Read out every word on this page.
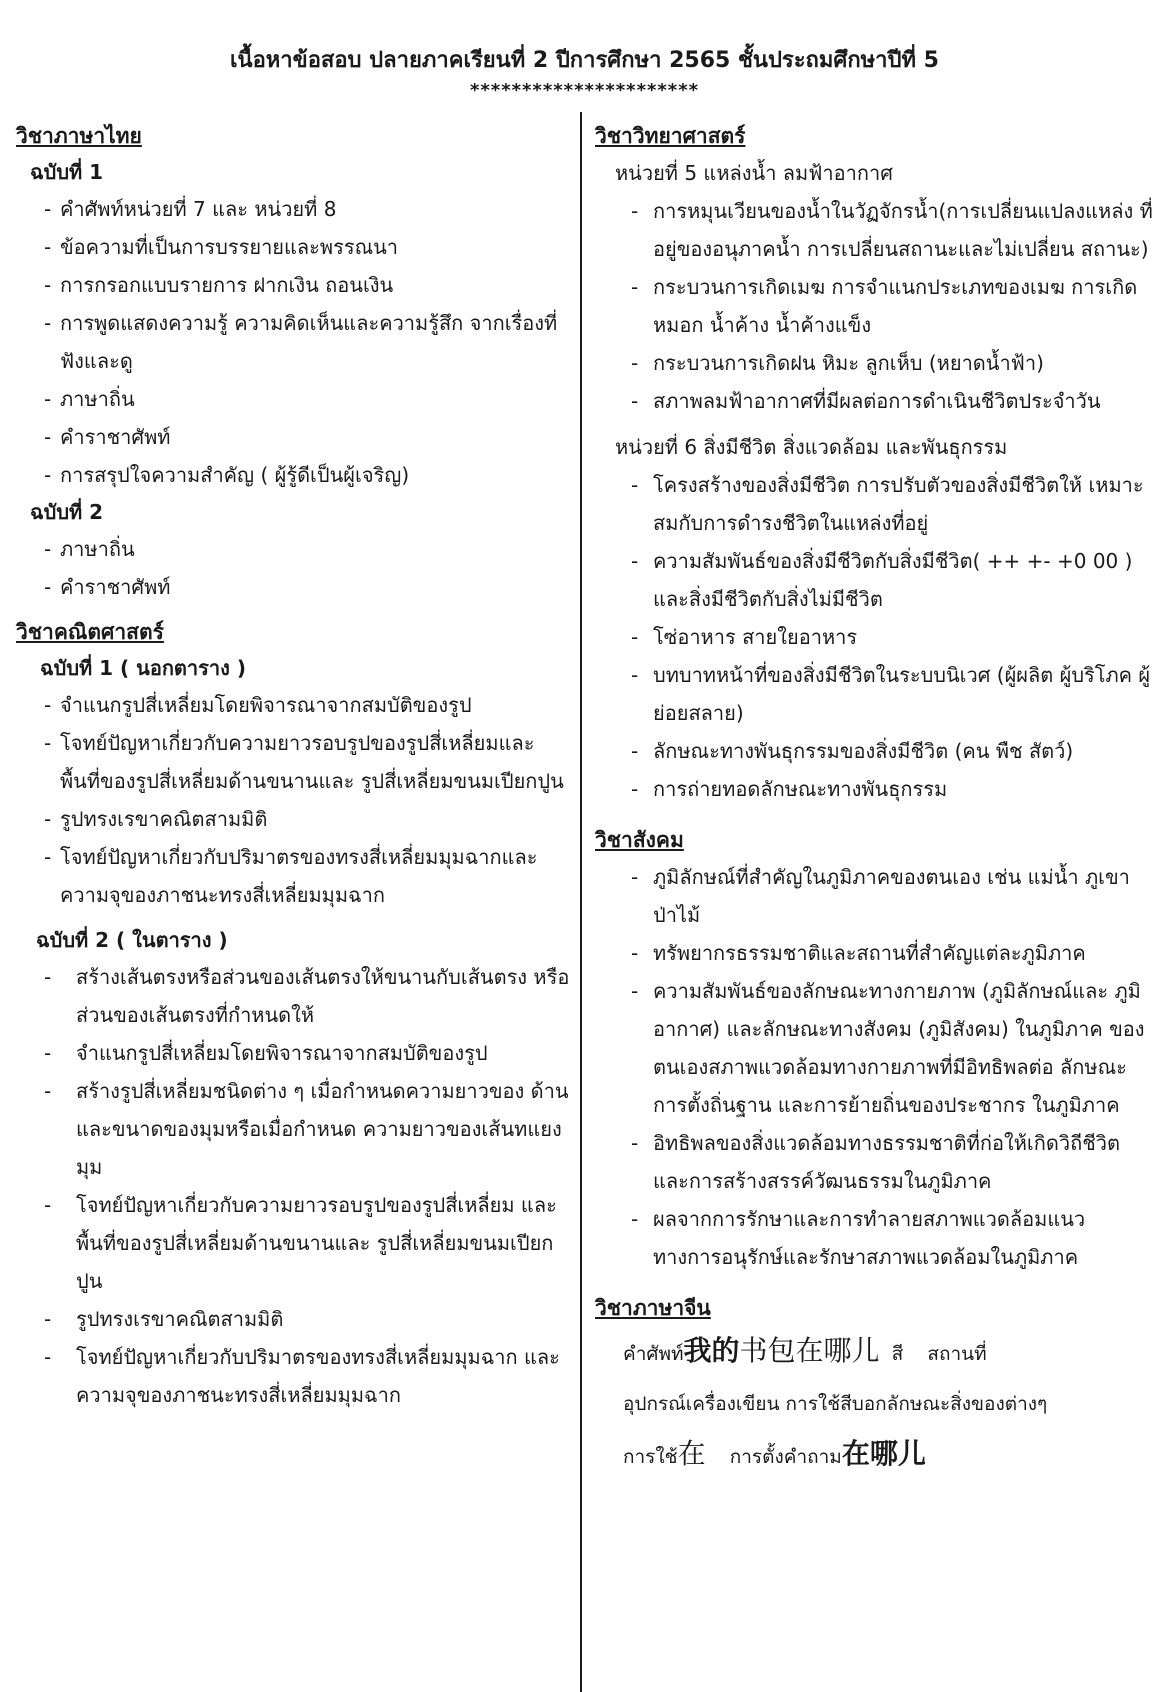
เนื้อหาข้อสอบ ปลายภาคเรียนที่ 2 ปีการศึกษา 2565 ชั้นประถมศึกษาปีที่ 5
**********************
วิชาภาษาไทย
ฉบับที่ 1
- คำศัพท์หน่วยที่ 7 และ หน่วยที่ 8
- ข้อความที่เป็นการบรรยายและพรรณนา
- การกรอกแบบรายการ ฝากเงิน ถอนเงิน
- การพูดแสดงความรู้ ความคิดเห็นและความรู้สึก จากเรื่องที่ฟังและดู
- ภาษาถิ่น
- คำราชาศัพท์
- การสรุปใจความสำคัญ ( ผู้รู้ดีเป็นผู้เจริญ)
ฉบับที่ 2
- ภาษาถิ่น
- คำราชาศัพท์
วิชาคณิตศาสตร์
ฉบับที่ 1 ( นอกตาราง )
- จำแนกรูปสี่เหลี่ยมโดยพิจารณาจากสมบัติของรูป
- โจทย์ปัญหาเกี่ยวกับความยาวรอบรูปของรูปสี่เหลี่ยมและ พื้นที่ของรูปสี่เหลี่ยมด้านขนานและ รูปสี่เหลี่ยมขนมเปียกปูน
- รูปทรงเรขาคณิตสามมิติ
- โจทย์ปัญหาเกี่ยวกับปริมาตรของทรงสี่เหลี่ยมมุมฉากและ ความจุของภาชนะทรงสี่เหลี่ยมมุมฉาก
ฉบับที่ 2 ( ในตาราง )
- สร้างเส้นตรงหรือส่วนของเส้นตรงให้ขนานกับเส้นตรง หรือส่วนของเส้นตรงที่กำหนดให้
- จำแนกรูปสี่เหลี่ยมโดยพิจารณาจากสมบัติของรูป
- สร้างรูปสี่เหลี่ยมชนิดต่าง ๆ เมื่อกำหนดความยาวของ ด้านและขนาดของมุมหรือเมื่อกำหนด ความยาวของเส้นทแยงมุม
- โจทย์ปัญหาเกี่ยวกับความยาวรอบรูปของรูปสี่เหลี่ยม และพื้นที่ของรูปสี่เหลี่ยมด้านขนานและ รูปสี่เหลี่ยมขนมเปียกปูน
- รูปทรงเรขาคณิตสามมิติ
- โจทย์ปัญหาเกี่ยวกับปริมาตรของทรงสี่เหลี่ยมมุมฉาก และความจุของภาชนะทรงสี่เหลี่ยมมุมฉาก
วิชาวิทยาศาสตร์
หน่วยที่ 5 แหล่งน้ำ ลมฟ้าอากาศ
- การหมุนเวียนของน้ำในวัฏจักรน้ำ(การเปลี่ยนแปลงแหล่ง ที่อยู่ของอนุภาคน้ำ การเปลี่ยนสถานะและไม่เปลี่ยน สถานะ)
- กระบวนการเกิดเมฆ การจำแนกประเภทของเมฆ การเกิดหมอก น้ำค้าง น้ำค้างแข็ง
- กระบวนการเกิดฝน หิมะ ลูกเห็บ (หยาดน้ำฟ้า)
- สภาพลมฟ้าอากาศที่มีผลต่อการดำเนินชีวิตประจำวัน
หน่วยที่ 6 สิ่งมีชีวิต สิ่งแวดล้อม และพันธุกรรม
- โครงสร้างของสิ่งมีชีวิต การปรับตัวของสิ่งมีชีวิตให้ เหมาะสมกับการดำรงชีวิตในแหล่งที่อยู่
- ความสัมพันธ์ของสิ่งมีชีวิตกับสิ่งมีชีวิต( ++ +- +0 00 ) และสิ่งมีชีวิตกับสิ่งไม่มีชีวิต
- โซ่อาหาร สายใยอาหาร
- บทบาทหน้าที่ของสิ่งมีชีวิตในระบบนิเวศ (ผู้ผลิต ผู้บริโภค ผู้ย่อยสลาย)
- ลักษณะทางพันธุกรรมของสิ่งมีชีวิต (คน พืช สัตว์)
- การถ่ายทอดลักษณะทางพันธุกรรม
วิชาสังคม
- ภูมิลักษณ์ที่สำคัญในภูมิภาคของตนเอง เช่น แม่น้ำ ภูเขา ป่าไม้
- ทรัพยากรธรรมชาติและสถานที่สำคัญแต่ละภูมิภาค
- ความสัมพันธ์ของลักษณะทางกายภาพ (ภูมิลักษณ์และ ภูมิอากาศ) และลักษณะทางสังคม (ภูมิสังคม) ในภูมิภาค ของตนเองสภาพแวดล้อมทางกายภาพที่มีอิทธิพลต่อ ลักษณะการตั้งถิ่นฐาน และการย้ายถิ่นของประชากร ในภูมิภาค
- อิทธิพลของสิ่งแวดล้อมทางธรรมชาติที่ก่อให้เกิดวิถีชีวิต และการสร้างสรรค์วัฒนธรรมในภูมิภาค
- ผลจากการรักษาและการทำลายสภาพแวดล้อมแนว ทางการอนุรักษ์และรักษาสภาพแวดล้อมในภูมิภาค
วิชาภาษาจีน
คำศัพท์我的书包在哪儿  สี    สถานที่
อุปกรณ์เครื่องเขียน การใช้สีบอกลักษณะสิ่งของต่างๆ
การใช้在    การตั้งคำถาม在哪儿
